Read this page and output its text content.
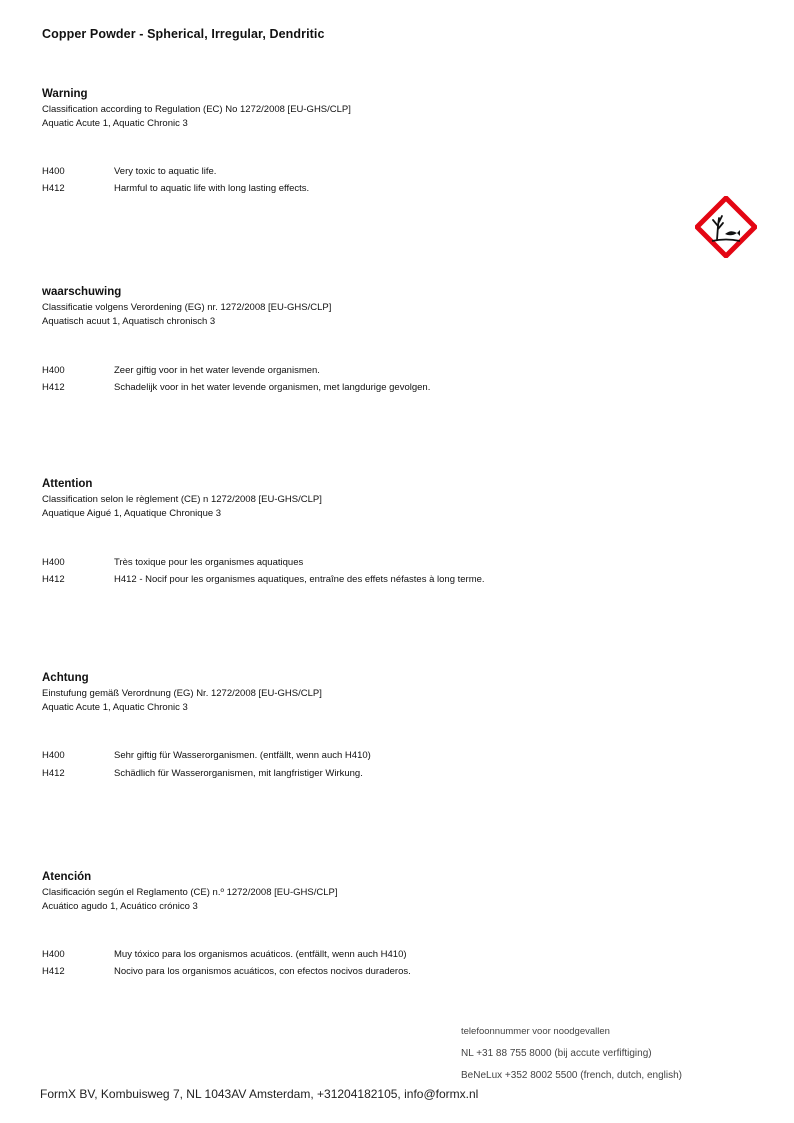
Copper Powder - Spherical, Irregular, Dendritic
Warning
Classification according to Regulation (EC) No 1272/2008 [EU-GHS/CLP]
Aquatic Acute 1, Aquatic Chronic 3
H400	Very toxic to aquatic life.
H412	Harmful to aquatic life with long lasting effects.
waarschuwing
Classificatie volgens Verordening (EG) nr. 1272/2008 [EU-GHS/CLP]
Aquatisch acuut 1, Aquatisch chronisch 3
H400	Zeer giftig voor in het water levende organismen.
H412	Schadelijk voor in het water levende organismen, met langdurige gevolgen.
Attention
Classification selon le règlement (CE) n 1272/2008 [EU-GHS/CLP]
Aquatique Aigué 1, Aquatique Chronique 3
H400	Très toxique pour les organismes aquatiques
H412	H412 - Nocif pour les organismes aquatiques, entraîne des effets néfastes à long terme.
Achtung
Einstufung gemäß Verordnung (EG) Nr. 1272/2008 [EU-GHS/CLP]
Aquatic Acute 1, Aquatic Chronic 3
H400	Sehr giftig für Wasserorganismen. (entfällt, wenn auch H410)
H412	Schädlich für Wasserorganismen, mit langfristiger Wirkung.
Atención
Clasificación según el Reglamento (CE) n.º 1272/2008 [EU-GHS/CLP]
Acuático agudo 1, Acuático crónico 3
H400	Muy tóxico para los organismos acuáticos. (entfällt, wenn auch H410)
H412	Nocivo para los organismos acuáticos, con efectos nocivos duraderos.
telefoonnummer voor noodgevallen
NL +31 88 755 8000 (bij accute verfiftiging)
BeNeLux +352 8002 5500 (french, dutch, english)
FormX BV, Kombuisweg 7, NL 1043AV Amsterdam, +31204182105, info@formx.nl
